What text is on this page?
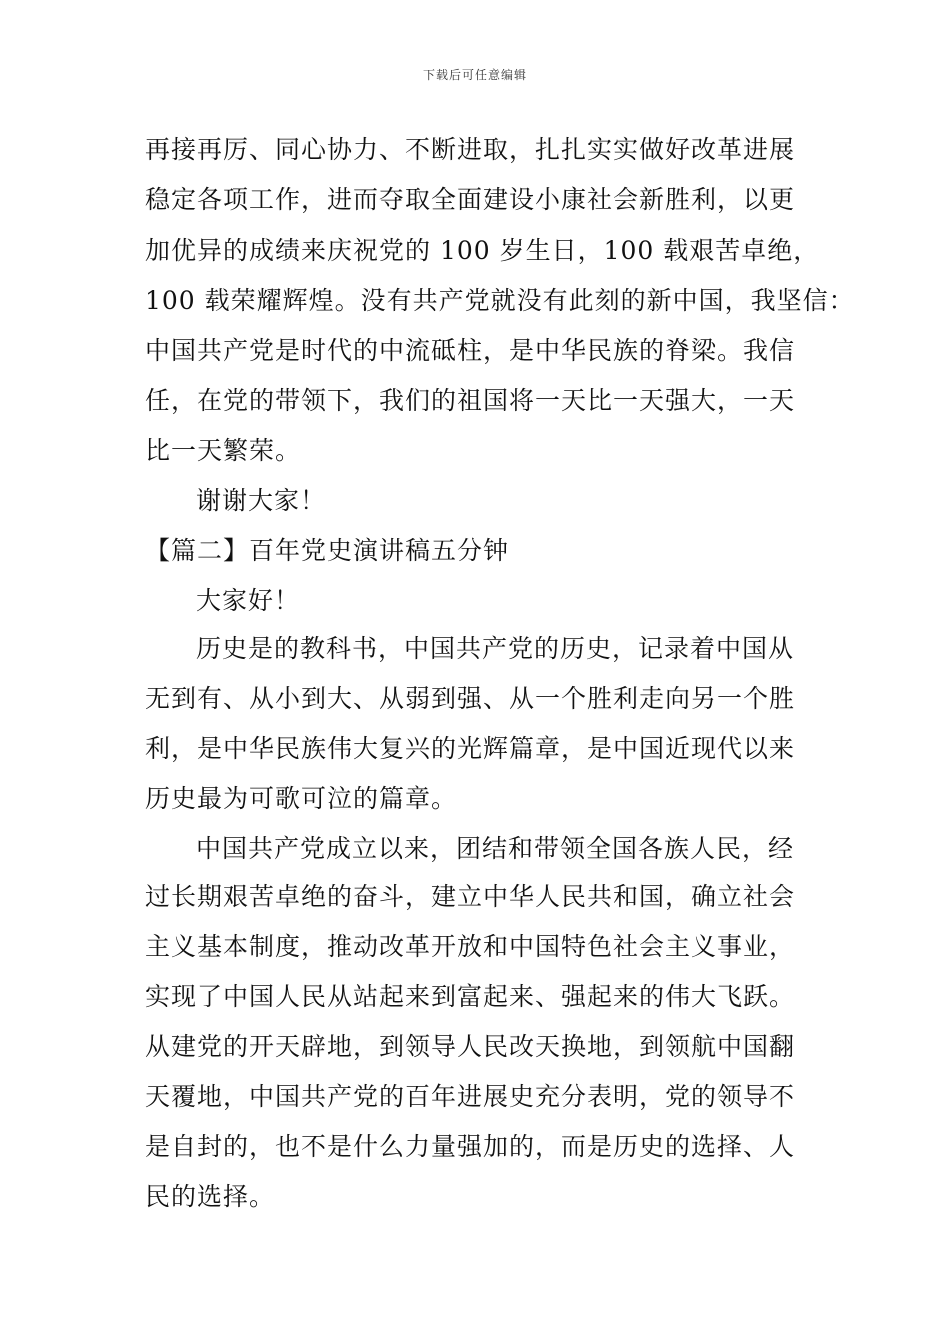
下载后可任意编辑
再接再厉、同心协力、不断进取，扎扎实实做好改革进展
稳定各项工作，进而夺取全面建设小康社会新胜利，以更
加优异的成绩来庆祝党的 100 岁生日，100 载艰苦卓绝，
100 载荣耀辉煌。没有共产党就没有此刻的新中国，我坚信：
中国共产党是时代的中流砥柱，是中华民族的脊梁。我信
任，在党的带领下，我们的祖国将一天比一天强大，一天
比一天繁荣。
谢谢大家！
【篇二】百年党史演讲稿五分钟
大家好！
历史是的教科书，中国共产党的历史，记录着中国从
无到有、从小到大、从弱到强、从一个胜利走向另一个胜
利，是中华民族伟大复兴的光辉篇章，是中国近现代以来
历史最为可歌可泣的篇章。
中国共产党成立以来，团结和带领全国各族人民，经
过长期艰苦卓绝的奋斗，建立中华人民共和国，确立社会
主义基本制度，推动改革开放和中国特色社会主义事业，
实现了中国人民从站起来到富起来、强起来的伟大飞跃。
从建党的开天辟地，到领导人民改天换地，到领航中国翻
天覆地，中国共产党的百年进展史充分表明，党的领导不
是自封的，也不是什么力量强加的，而是历史的选择、人
民的选择。
